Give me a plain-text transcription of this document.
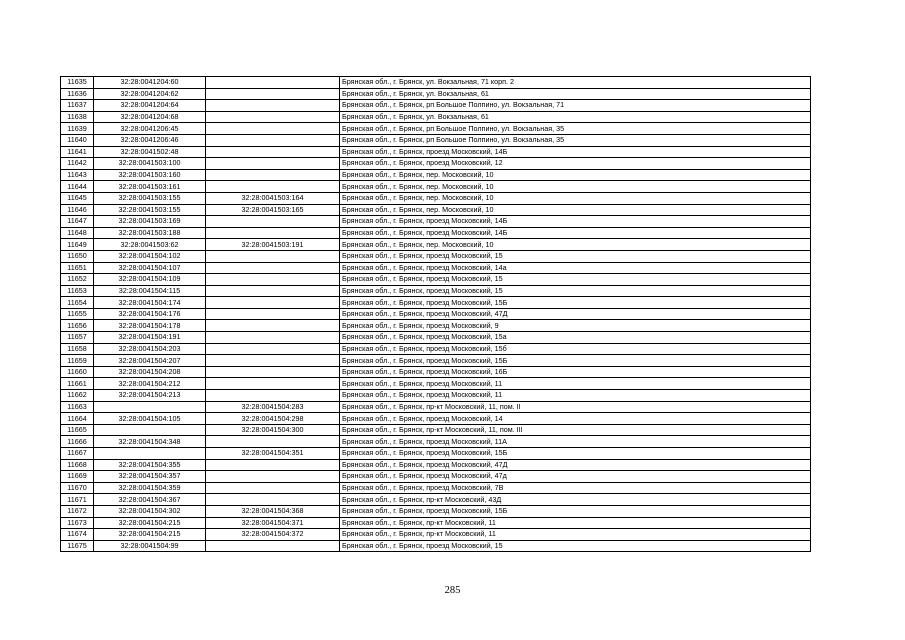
11635	32:28:0041204:60		Брянская обл., г. Брянск, ул. Вокзальная, 71 корп. 2
11636	32:28:0041204:62		Брянская обл., г. Брянск, ул. Вокзальная, 61
11637	32:28:0041204:64		Брянская обл., г. Брянск, рп Большое Полпино, ул. Вокзальная, 71
11638	32:28:0041204:68		Брянская обл., г. Брянск, ул. Вокзальная, 61
11639	32:28:0041206:45		Брянская обл., г. Брянск, рп Большое Полпино, ул. Вокзальная, 35
11640	32:28:0041206:46		Брянская обл., г. Брянск, рп Большое Полпино, ул. Вокзальная, 35
11641	32:28:0041502:48		Брянская обл., г. Брянск, проезд Московский, 14Б
11642	32:28:0041503:100		Брянская обл., г. Брянск, проезд Московский, 12
11643	32:28:0041503:160		Брянская обл., г. Брянск, пер. Московский, 10
11644	32:28:0041503:161		Брянская обл., г. Брянск, пер. Московский, 10
11645	32:28:0041503:155	32:28:0041503:164	Брянская обл., г. Брянск, пер. Московский, 10
11646	32:28:0041503:155	32:28:0041503:165	Брянская обл., г. Брянск, пер. Московский, 10
11647	32:28:0041503:169		Брянская обл., г. Брянск, проезд Московский, 14Б
11648	32:28:0041503:188		Брянская обл., г. Брянск, проезд Московский, 14Б
11649	32:28:0041503:62	32:28:0041503:191	Брянская обл., г. Брянск, пер. Московский, 10
11650	32:28:0041504:102		Брянская обл., г. Брянск, проезд Московский, 15
11651	32:28:0041504:107		Брянская обл., г. Брянск, проезд Московский, 14а
11652	32:28:0041504:109		Брянская обл., г. Брянск, проезд Московский, 15
11653	32:28:0041504:115		Брянская обл., г. Брянск, проезд Московский, 15
11654	32:28:0041504:174		Брянская обл., г. Брянск, проезд Московский, 15Б
11655	32:28:0041504:176		Брянская обл., г. Брянск, проезд Московский, 47Д
11656	32:28:0041504:178		Брянская обл., г. Брянск, проезд Московский, 9
11657	32:28:0041504:191		Брянская обл., г. Брянск, проезд Московский, 15а
11658	32:28:0041504:203		Брянская обл., г. Брянск, проезд Московский, 15б
11659	32:28:0041504:207		Брянская обл., г. Брянск, проезд Московский, 15Б
11660	32:28:0041504:208		Брянская обл., г. Брянск, проезд Московский, 16Б
11661	32:28:0041504:212		Брянская обл., г. Брянск, проезд Московский, 11
11662	32:28:0041504:213		Брянская обл., г. Брянск, проезд Московский, 11
11663		32:28:0041504:283	Брянская обл., г. Брянск, пр-кт Московский, 11, пом. II
11664	32:28:0041504:105	32:28:0041504:298	Брянская обл., г. Брянск, проезд Московский, 14
11665		32:28:0041504:300	Брянская обл., г. Брянск, пр-кт Московский, 11, пом. III
11666	32:28:0041504:348		Брянская обл., г. Брянск, проезд Московский, 11А
11667		32:28:0041504:351	Брянская обл., г. Брянск, проезд Московский, 15Б
11668	32:28:0041504:355		Брянская обл., г. Брянск, проезд Московский, 47Д
11669	32:28:0041504:357		Брянская обл., г. Брянск, проезд Московский, 47д
11670	32:28:0041504:359		Брянская обл., г. Брянск, проезд Московский, 7В
11671	32:28:0041504:367		Брянская обл., г. Брянск, пр-кт Московский, 43Д
11672	32:28:0041504:302	32:28:0041504:368	Брянская обл., г. Брянск, проезд Московский, 15Б
11673	32:28:0041504:215	32:28:0041504:371	Брянская обл., г. Брянск, пр-кт Московский, 11
11674	32:28:0041504:215	32:28:0041504:372	Брянская обл., г. Брянск, пр-кт Московский, 11
11675	32:28:0041504:99		Брянская обл., г. Брянск, проезд Московский, 15
285
